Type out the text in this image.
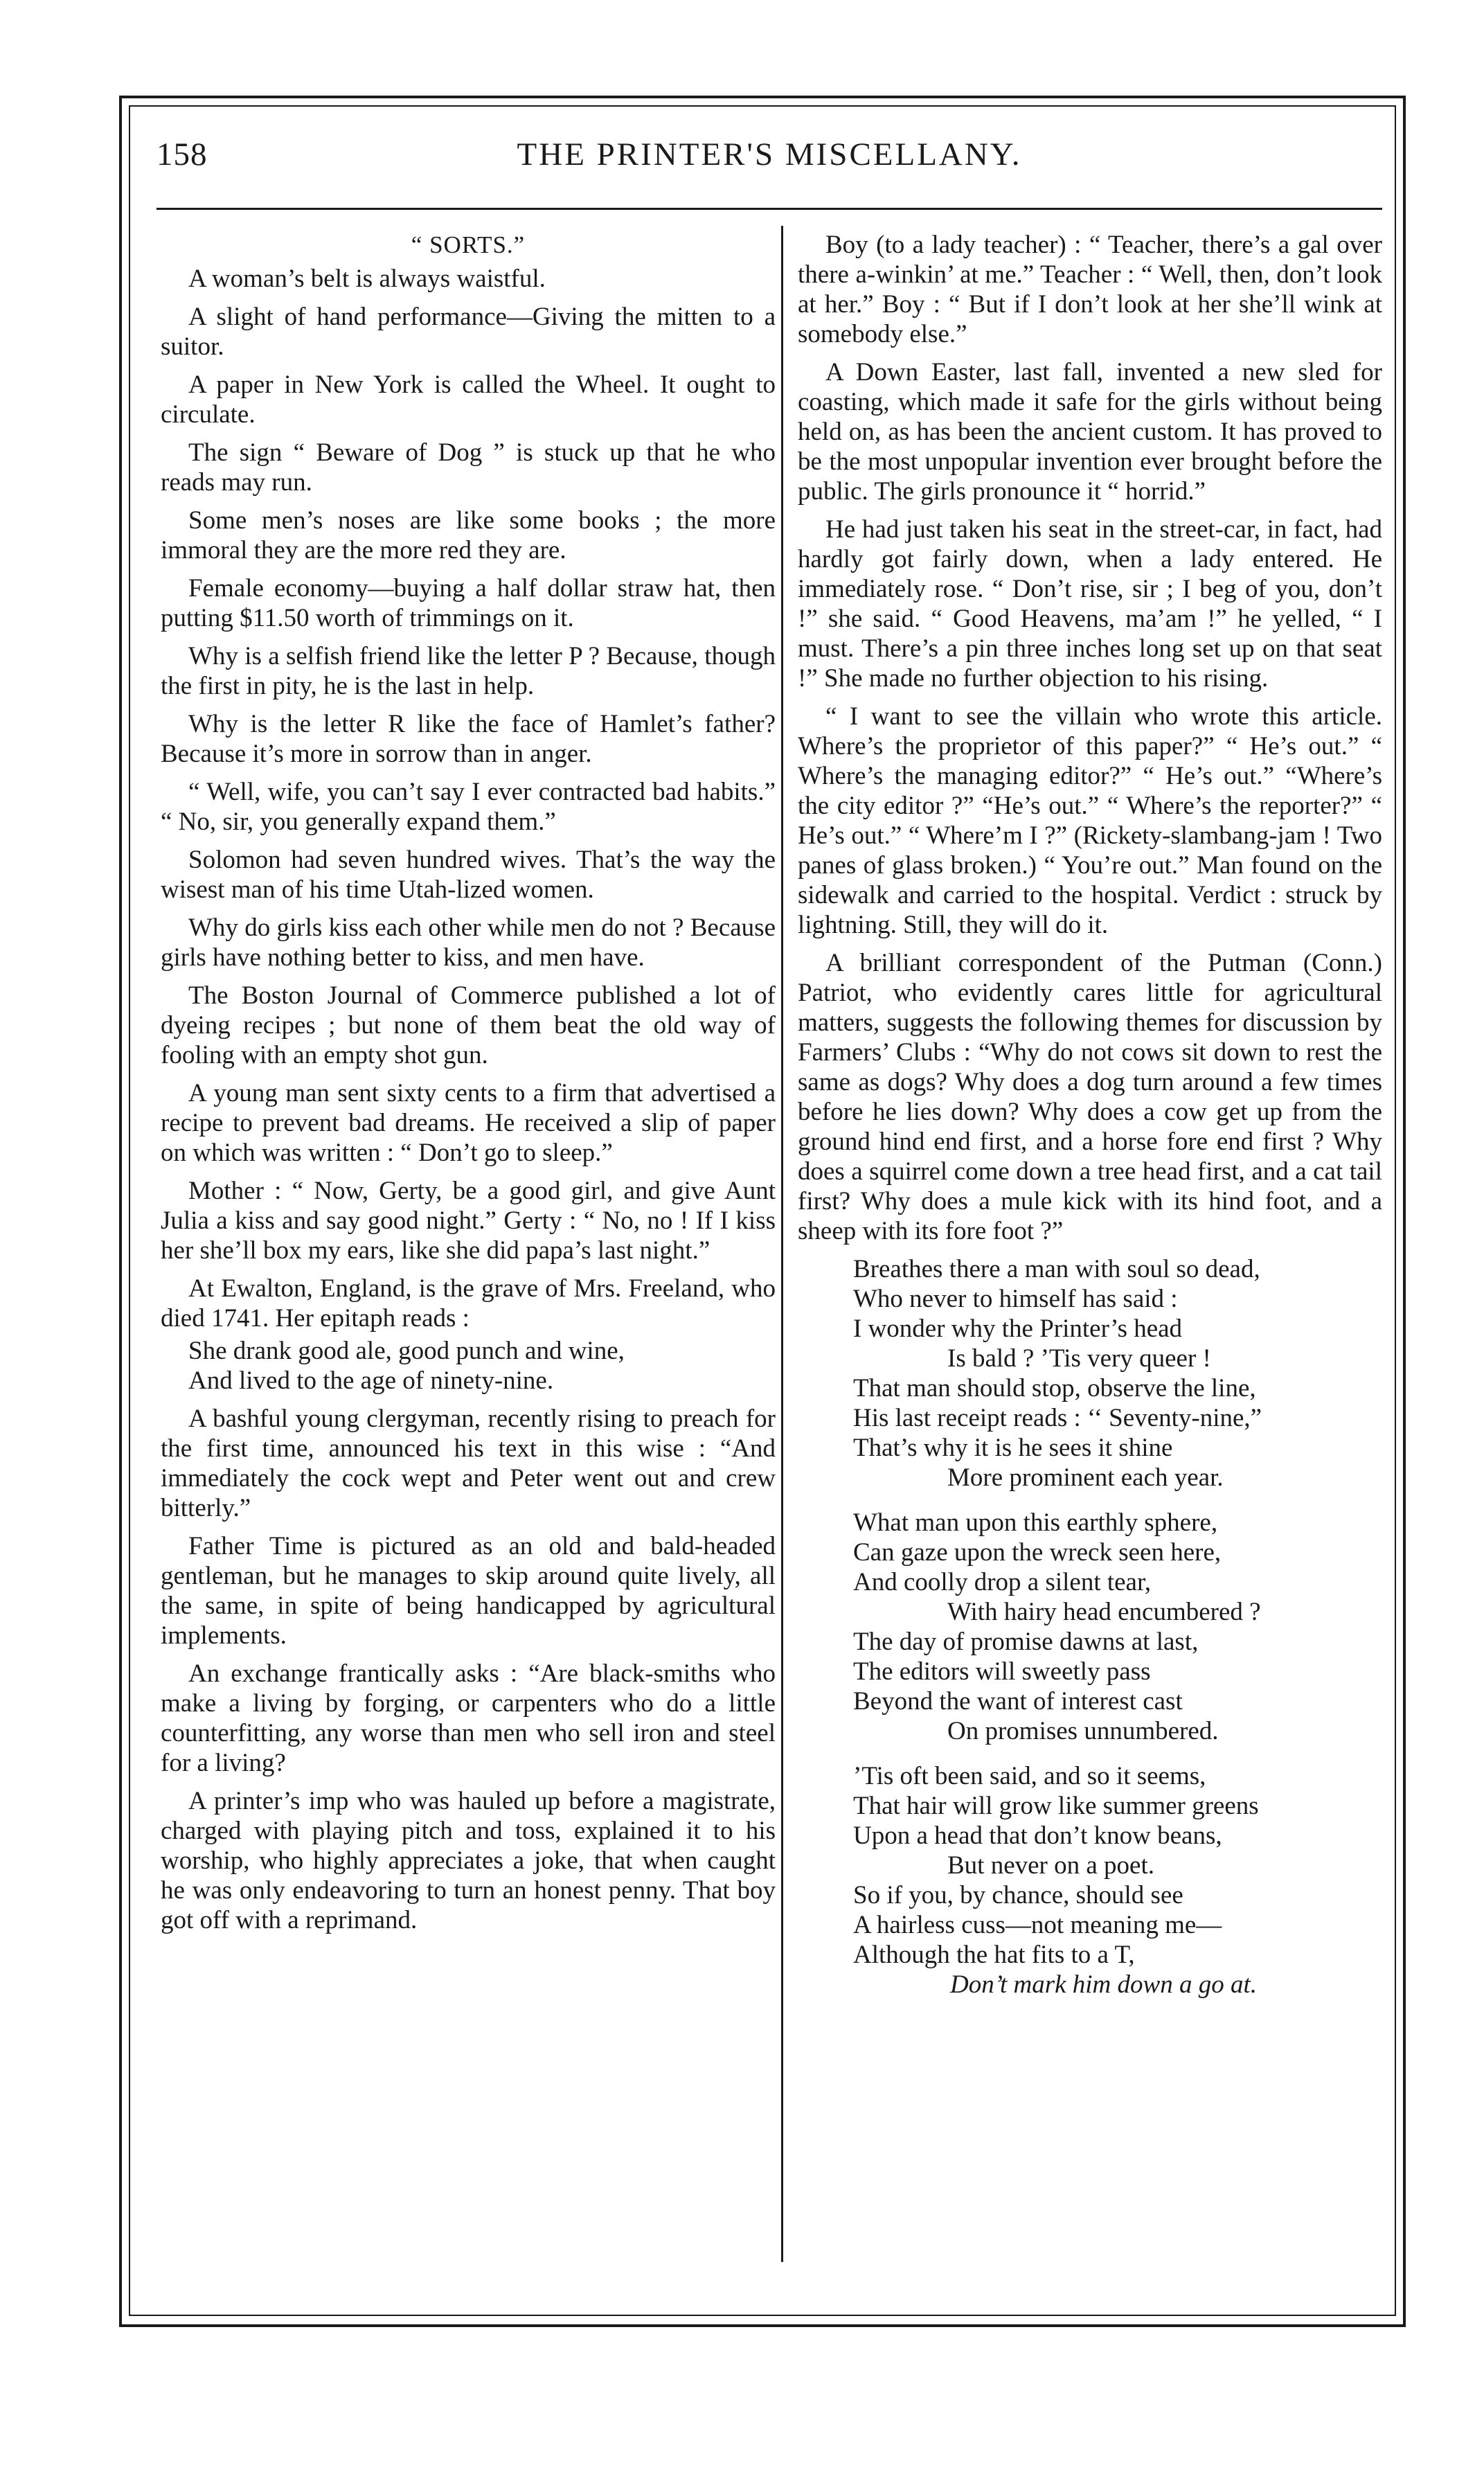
158	THE PRINTER'S MISCELLANY.
“ SORTS.”

A woman’s belt is always waistful.

A slight of hand performance—Giving the mitten to a suitor.

A paper in New York is called the Wheel. It ought to circulate.

The sign “ Beware of Dog ” is stuck up that he who reads may run.

Some men’s noses are like some books ; the more immoral they are the more red they are.

Female economy—buying a half dollar straw hat, then putting $11.50 worth of trimmings on it.

Why is a selfish friend like the letter P ? Because, though the first in pity, he is the last in help.

Why is the letter R like the face of Hamlet’s father? Because it’s more in sorrow than in anger.

“ Well, wife, you can’t say I ever contracted bad habits.” “ No, sir, you generally expand them.”

Solomon had seven hundred wives. That’s the way the wisest man of his time Utah-lized women.

Why do girls kiss each other while men do not ? Because girls have nothing better to kiss, and men have.

The Boston Journal of Commerce published a lot of dyeing recipes ; but none of them beat the old way of fooling with an empty shot gun.

A young man sent sixty cents to a firm that advertised a recipe to prevent bad dreams. He received a slip of paper on which was written : “ Don’t go to sleep.”

Mother : “ Now, Gerty, be a good girl, and give Aunt Julia a kiss and say good night.” Gerty : “ No, no ! If I kiss her she’ll box my ears, like she did papa’s last night.”

At Ewalton, England, is the grave of Mrs. Freeland, who died 1741. Her epitaph reads :

She drank good ale, good punch and wine,
And lived to the age of ninety-nine.

A bashful young clergyman, recently rising to preach for the first time, announced his text in this wise : “And immediately the cock wept and Peter went out and crew bitterly.”

Father Time is pictured as an old and bald-headed gentleman, but he manages to skip around quite lively, all the same, in spite of being handicapped by agricultural implements.

An exchange frantically asks : “Are black-smiths who make a living by forging, or carpenters who do a little counterfitting, any worse than men who sell iron and steel for a living?

A printer’s imp who was hauled up before a magistrate, charged with playing pitch and toss, explained it to his worship, who highly appreciates a joke, that when caught he was only endeavoring to turn an honest penny. That boy got off with a reprimand.

Boy (to a lady teacher) : “ Teacher, there’s a gal over there a-winkin’ at me.” Teacher : “ Well, then, don’t look at her.” Boy : “ But if I don’t look at her she’ll wink at somebody else.”

A Down Easter, last fall, invented a new sled for coasting, which made it safe for the girls without being held on, as has been the ancient custom. It has proved to be the most unpopular invention ever brought before the public. The girls pronounce it “ horrid.”

He had just taken his seat in the street-car, in fact, had hardly got fairly down, when a lady entered. He immediately rose. “ Don’t rise, sir ; I beg of you, don’t !” she said. “ Good Heavens, ma’am !” he yelled, “ I must. There’s a pin three inches long set up on that seat !” She made no further objection to his rising.

“ I want to see the villain who wrote this article. Where’s the proprietor of this paper?” “ He’s out.” “ Where’s the managing editor?” “ He’s out.” “Where’s the city editor ?” “He’s out.” “ Where’s the reporter?” “ He’s out.” “ Where’m I ?” (Rickety-slambang-jam ! Two panes of glass broken.) “ You’re out.” Man found on the sidewalk and carried to the hospital. Verdict : struck by lightning. Still, they will do it.

A brilliant correspondent of the Putman (Conn.) Patriot, who evidently cares little for agricultural matters, suggests the following themes for discussion by Farmers’ Clubs : “Why do not cows sit down to rest the same as dogs? Why does a dog turn around a few times before he lies down? Why does a cow get up from the ground hind end first, and a horse fore end first ? Why does a squirrel come down a tree head first, and a cat tail first? Why does a mule kick with its hind foot, and a sheep with its fore foot ?”

Breathes there a man with soul so dead,
Who never to himself has said :
I wonder why the Printer’s head
Is bald ? ’Tis very queer !
That man should stop, observe the line,
His last receipt reads : ‘‘ Seventy-nine,”
That’s why it is he sees it shine
More prominent each year.
What man upon this earthly sphere,
Can gaze upon the wreck seen here,
And coolly drop a silent tear,
With hairy head encumbered ?
The day of promise dawns at last,
The editors will sweetly pass
Beyond the want of interest cast
On promises unnumbered.
’Tis oft been said, and so it seems,
That hair will grow like summer greens
Upon a head that don’t know beans,
But never on a poet.
So if you, by chance, should see
A hairless cuss—not meaning me—
Although the hat fits to a T,
Don’t mark him down a go at.
